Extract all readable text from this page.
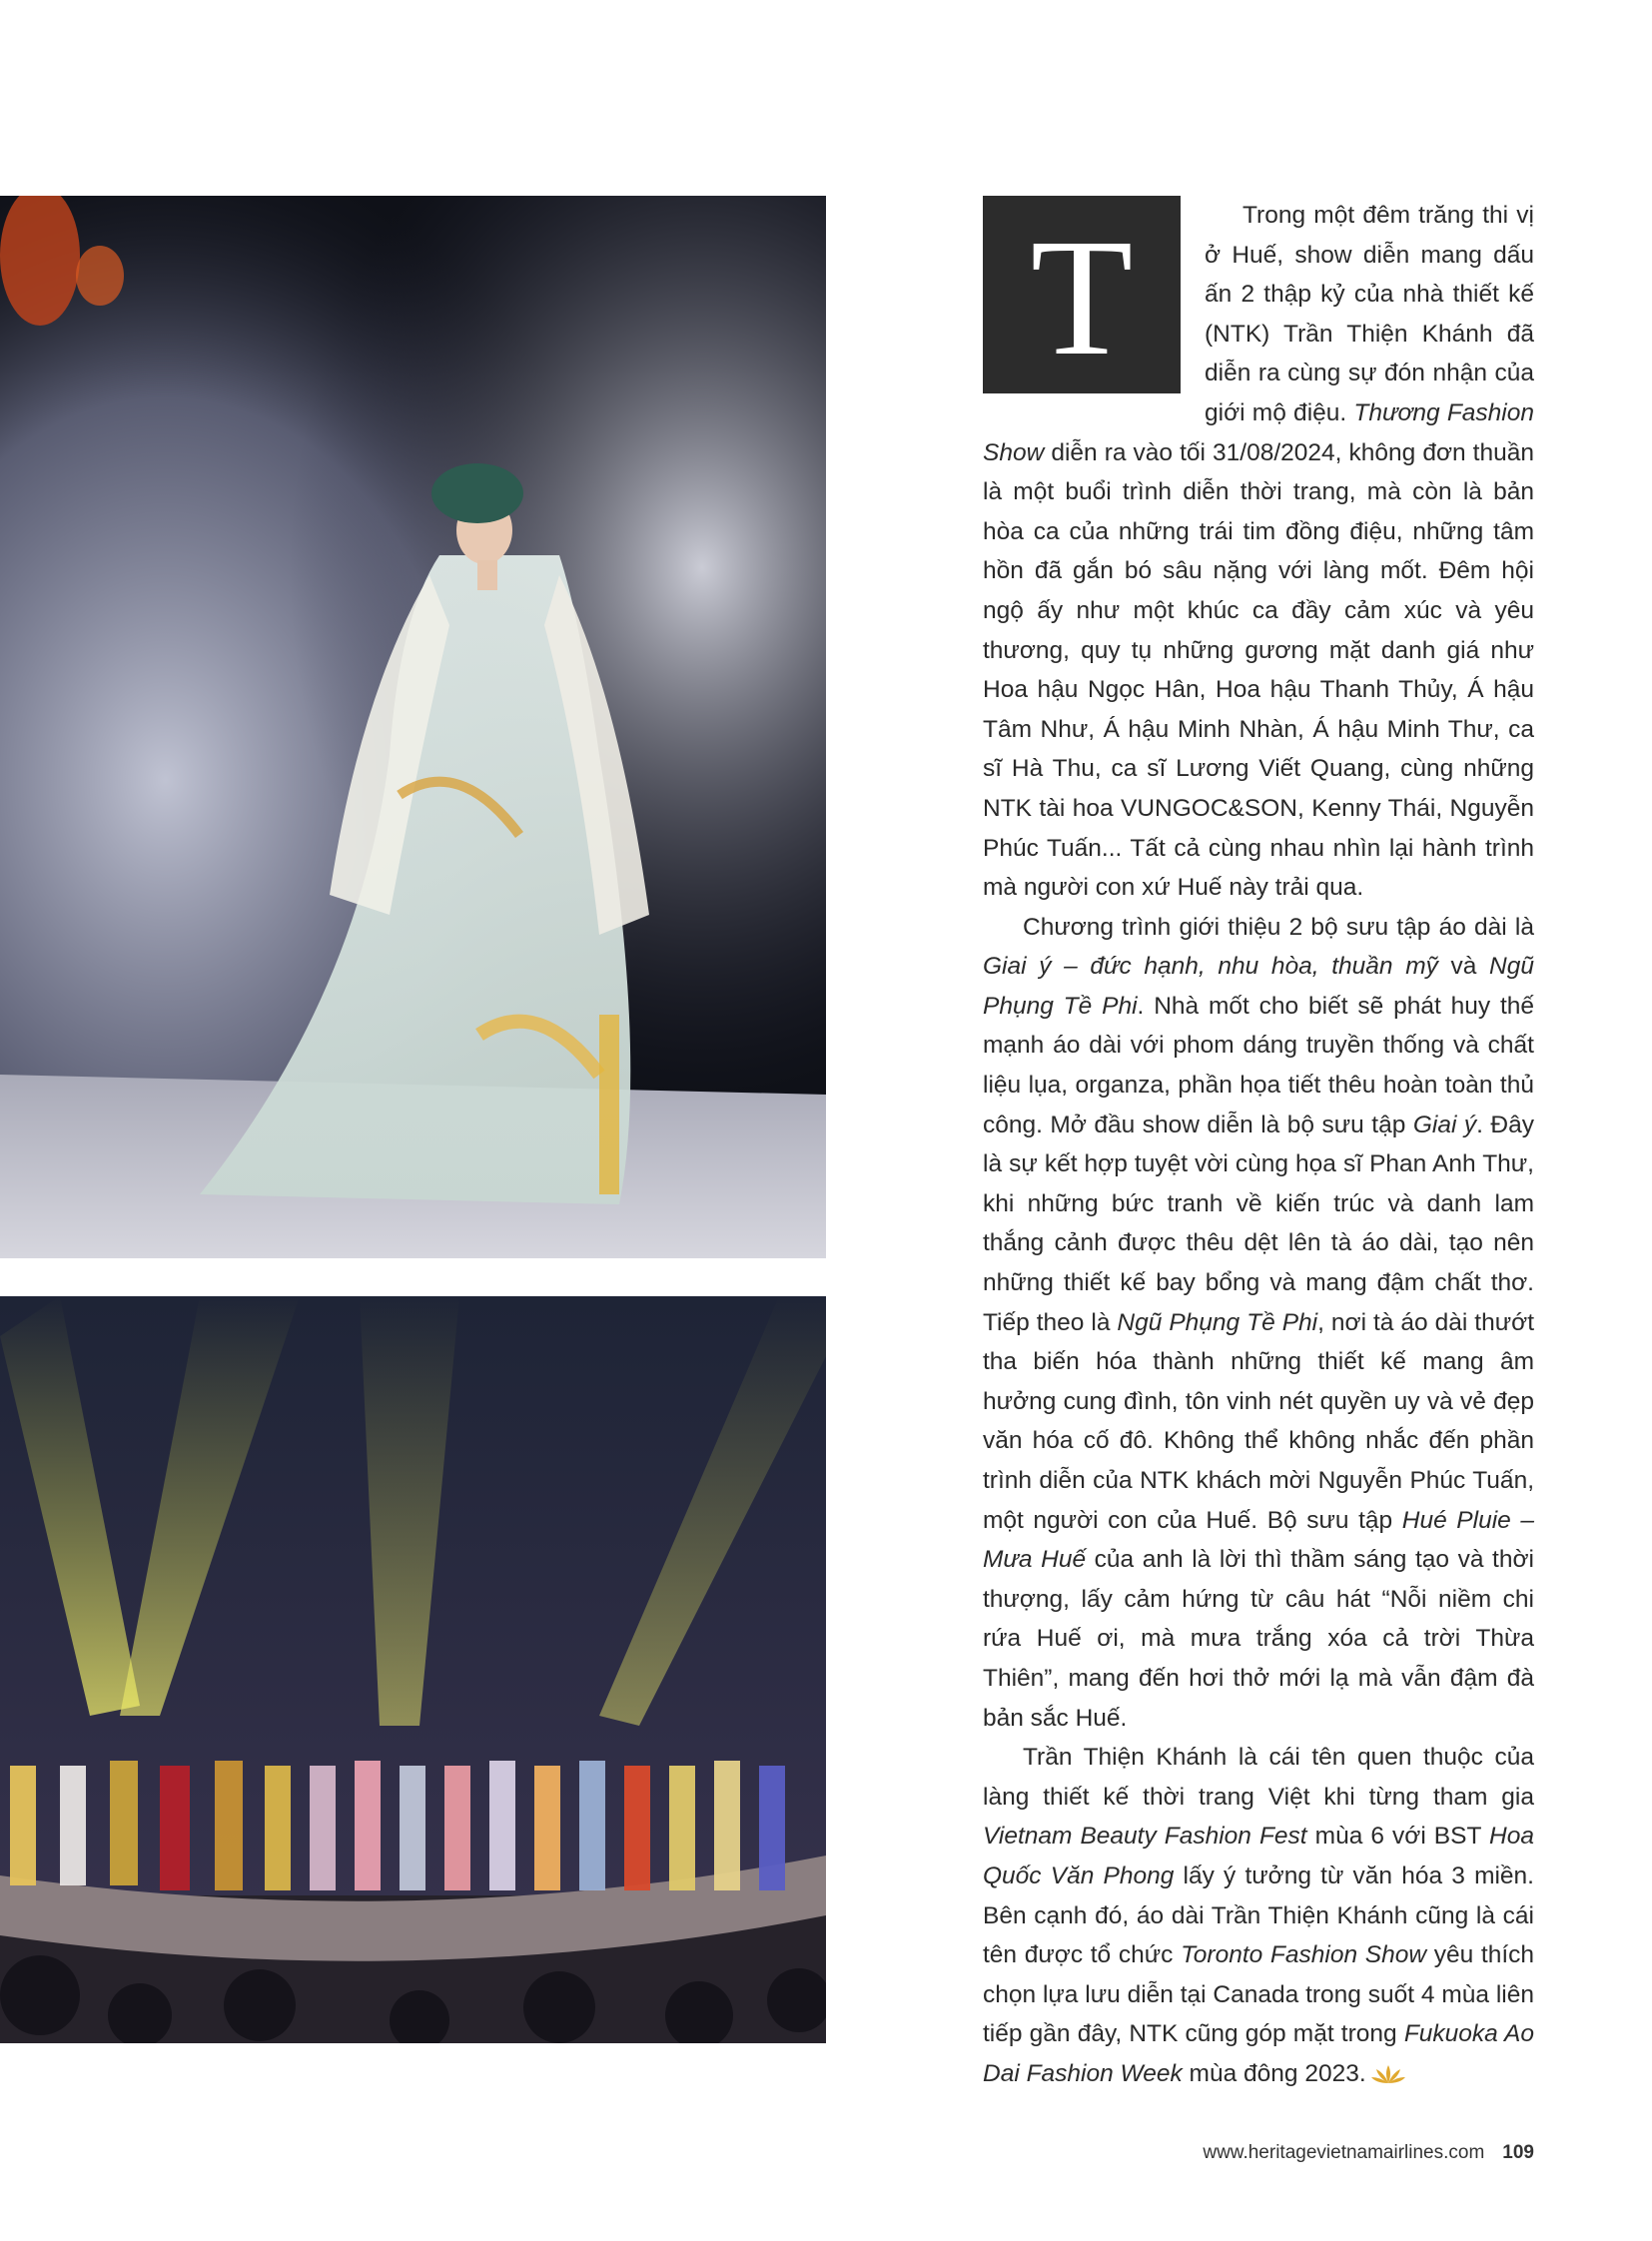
T	Trong một đêm trăng thi vị ở Huế, show diễn mang dấu ấn 2 thập kỷ của nhà thiết kế (NTK) Trần Thiện Khánh đã diễn ra cùng sự đón nhận của giới mộ điệu. Thương Fashion Show diễn ra vào tối 31/08/2024, không đơn thuần là một buổi trình diễn thời trang, mà còn là bản hòa ca của những trái tim đồng điệu, những tâm hồn đã gắn bó sâu nặng với làng mốt. Đêm hội ngộ ấy như một khúc ca đầy cảm xúc và yêu thương, quy tụ những gương mặt danh giá như Hoa hậu Ngọc Hân, Hoa hậu Thanh Thủy, Á hậu Tâm Như, Á hậu Minh Nhàn, Á hậu Minh Thư, ca sĩ Hà Thu, ca sĩ Lương Viết Quang, cùng những NTK tài hoa VUNGOC&SON, Kenny Thái, Nguyễn Phúc Tuấn... Tất cả cùng nhau nhìn lại hành trình mà người con xứ Huế này trải qua.

Chương trình giới thiệu 2 bộ sưu tập áo dài là Giai ý – đức hạnh, nhu hòa, thuần mỹ và Ngũ Phụng Tề Phi. Nhà mốt cho biết sẽ phát huy thế mạnh áo dài với phom dáng truyền thống và chất liệu lụa, organza, phần họa tiết thêu hoàn toàn thủ công. Mở đầu show diễn là bộ sưu tập Giai ý. Đây là sự kết hợp tuyệt vời cùng họa sĩ Phan Anh Thư, khi những bức tranh về kiến trúc và danh lam thắng cảnh được thêu dệt lên tà áo dài, tạo nên những thiết kế bay bổng và mang đậm chất thơ. Tiếp theo là Ngũ Phụng Tề Phi, nơi tà áo dài thướt tha biến hóa thành những thiết kế mang âm hưởng cung đình, tôn vinh nét quyền uy và vẻ đẹp văn hóa cố đô. Không thể không nhắc đến phần trình diễn của NTK khách mời Nguyễn Phúc Tuấn, một người con của Huế. Bộ sưu tập Hué Pluie – Mưa Huế của anh là lời thì thầm sáng tạo và thời thượng, lấy cảm hứng từ câu hát “Nỗi niềm chi rứa Huế ơi, mà mưa trắng xóa cả trời Thừa Thiên”, mang đến hơi thở mới lạ mà vẫn đậm đà bản sắc Huế.

Trần Thiện Khánh là cái tên quen thuộc của làng thiết kế thời trang Việt khi từng tham gia Vietnam Beauty Fashion Fest mùa 6 với BST Hoa Quốc Văn Phong lấy ý tưởng từ văn hóa 3 miền. Bên cạnh đó, áo dài Trần Thiện Khánh cũng là cái tên được tổ chức Toronto Fashion Show yêu thích chọn lựa lưu diễn tại Canada trong suốt 4 mùa liên tiếp gần đây, NTK cũng góp mặt trong Fukuoka Ao Dai Fashion Week mùa đông 2023.

www.heritagevietnamairlines.com 109
